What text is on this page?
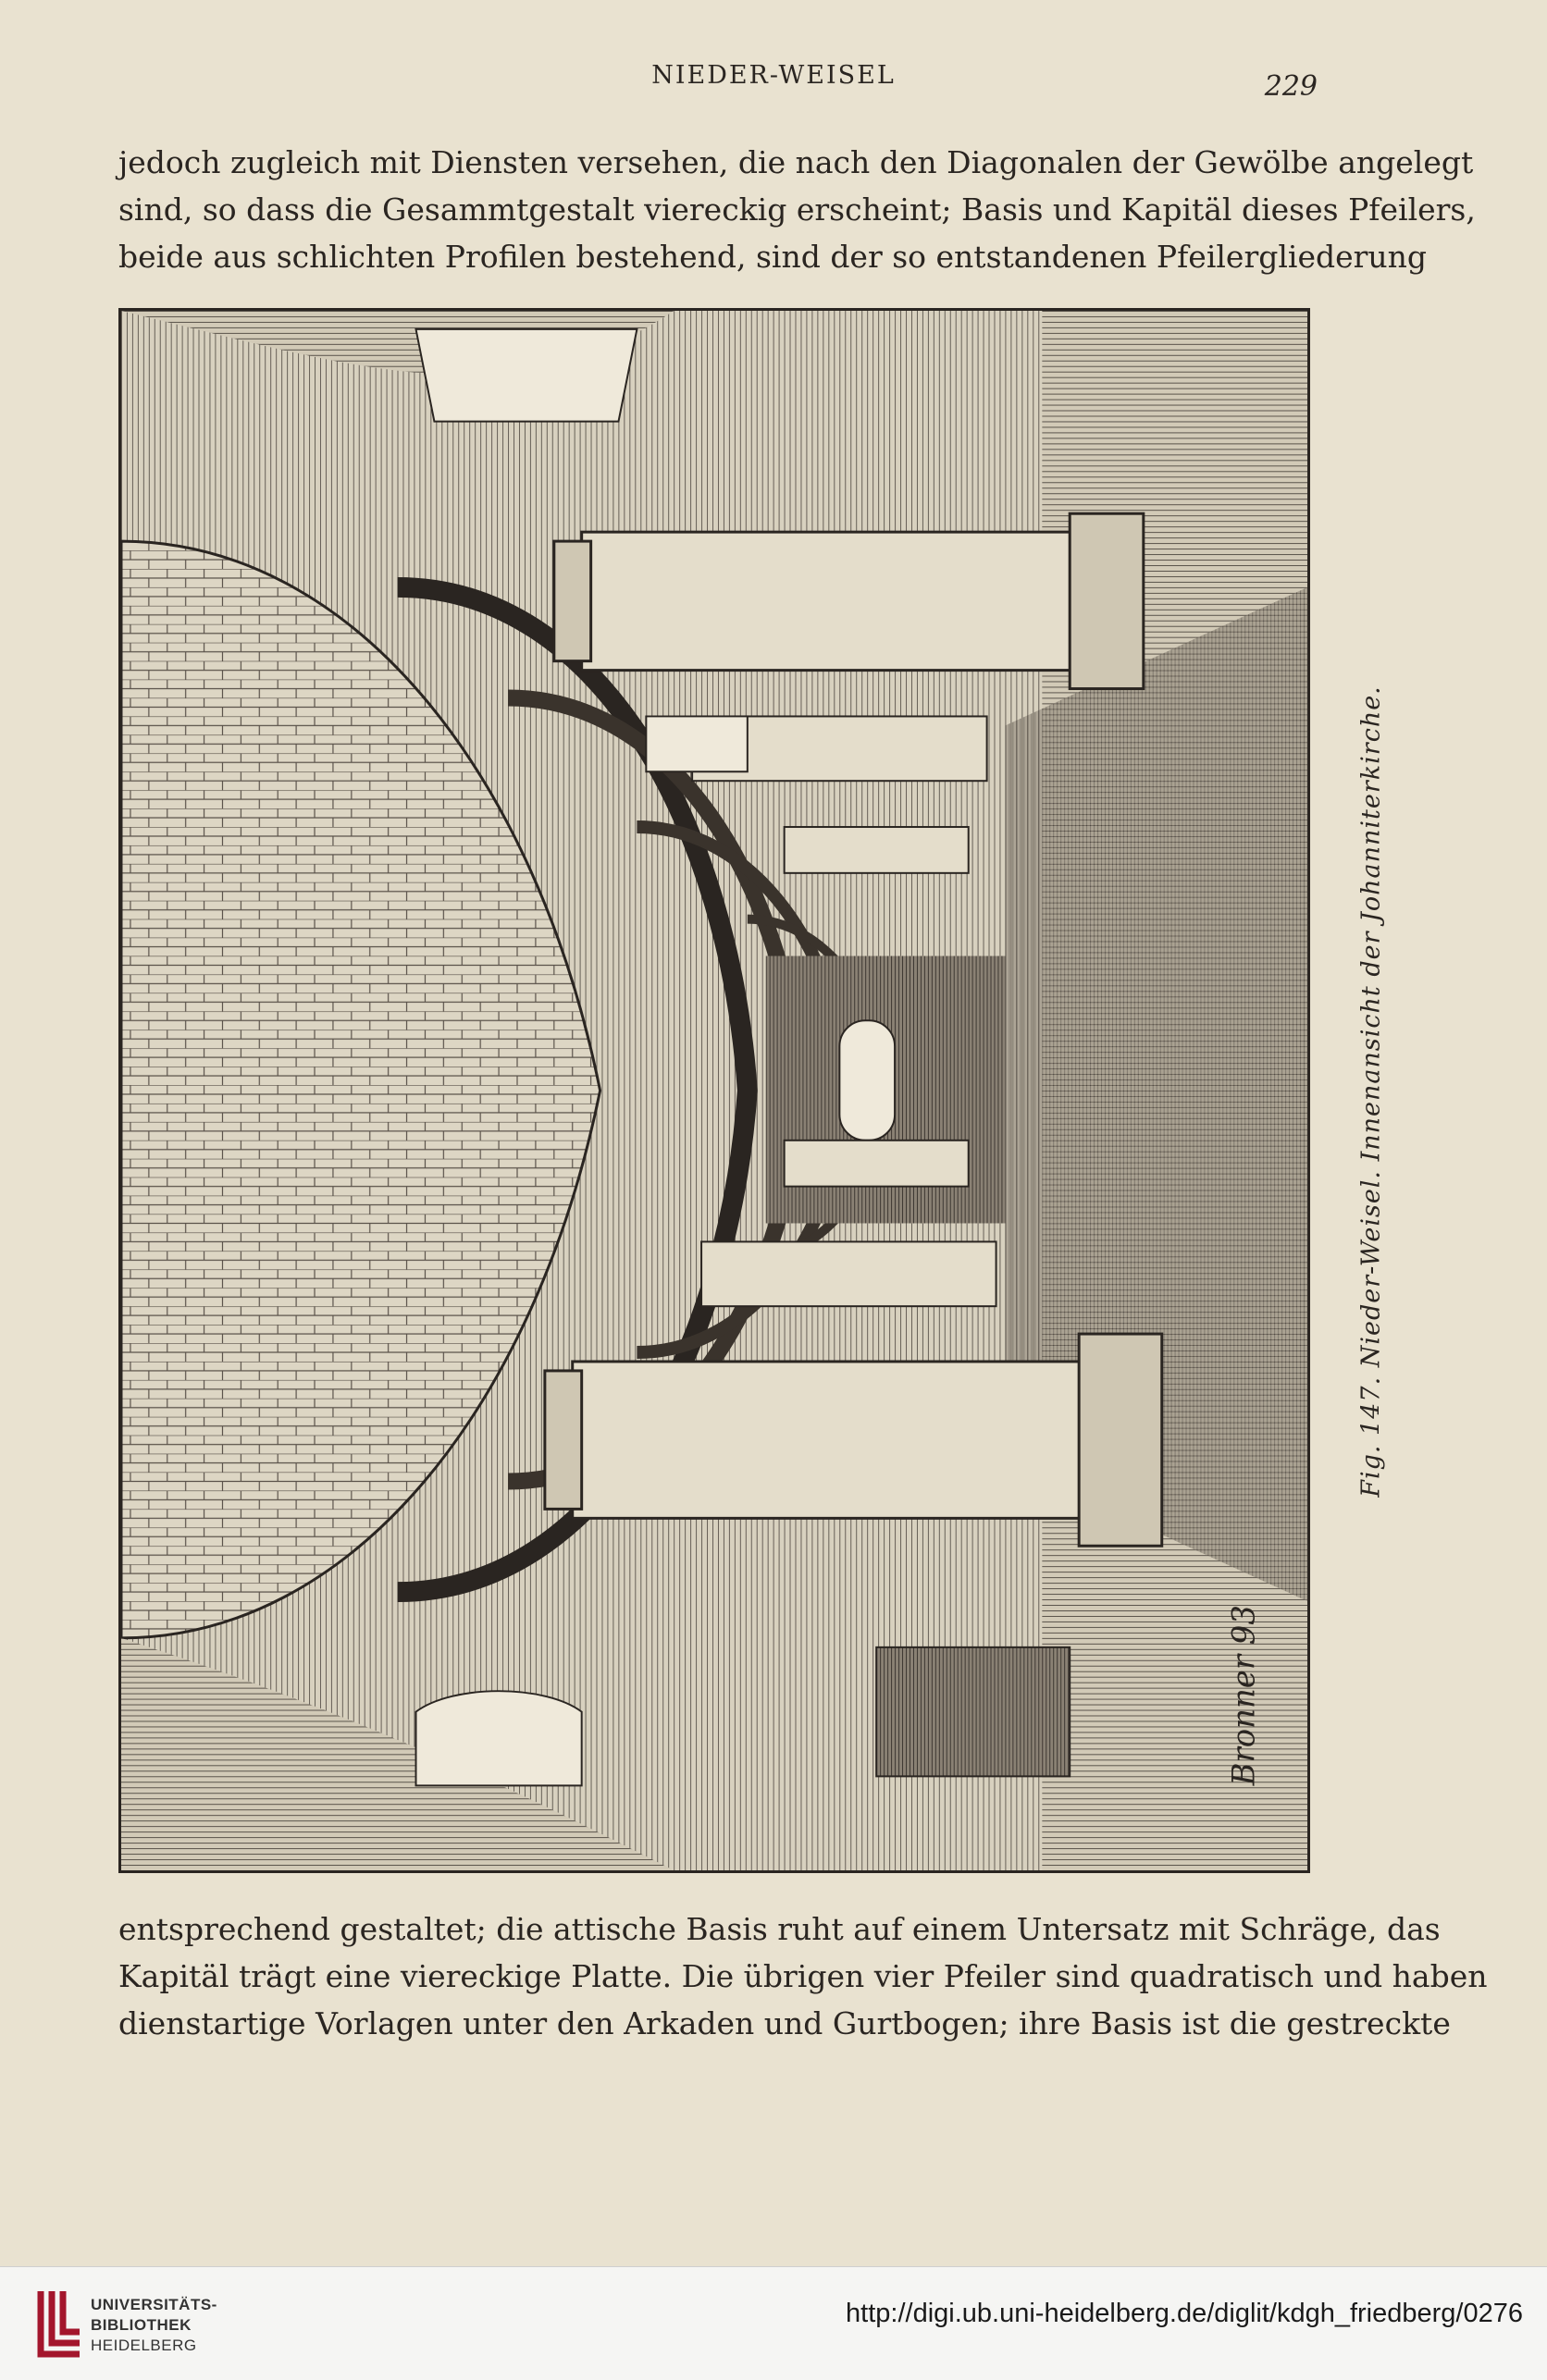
NIEDER-WEISEL	229
jedoch zugleich mit Diensten versehen, die nach den Diagonalen der Gewölbe angelegt
sind, so dass die Gesammtgestalt viereckig erscheint; Basis und Kapitäl dieses Pfeilers,
beide aus schlichten Profilen bestehend, sind der so entstandenen Pfeilergliederung
Bronner 93
Fig. 147. Nieder-Weisel. Innenansicht der Johanniterkirche.
entsprechend gestaltet; die attische Basis ruht auf einem Untersatz mit Schräge, das
Kapitäl trägt eine viereckige Platte. Die übrigen vier Pfeiler sind quadratisch und haben
dienstartige Vorlagen unter den Arkaden und Gurtbogen; ihre Basis ist die gestreckte
UNIVERSITÄTS-
BIBLIOTHEK
HEIDELBERG
http://digi.ub.uni-heidelberg.de/diglit/kdgh_friedberg/0276
